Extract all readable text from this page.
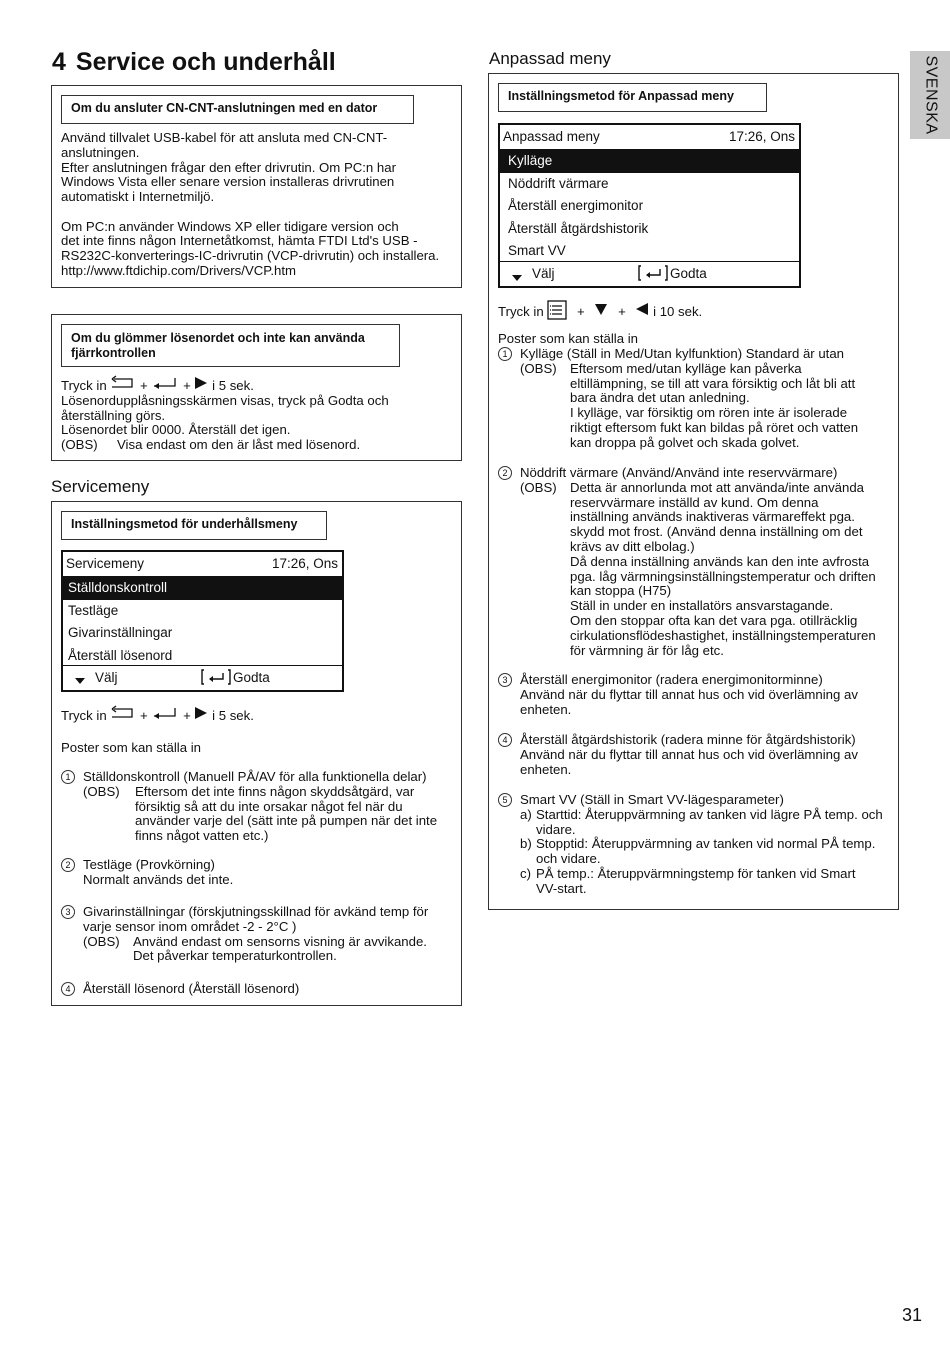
4 Service och underhåll	SVENSKA
Om du ansluter CN-CNT-anslutningen med en dator
Använd tillvalet USB-kabel för att ansluta med CN-CNT-
anslutningen.
Efter anslutningen frågar den efter drivrutin. Om PC:n har
Windows Vista eller senare version installeras drivrutinen
automatiskt i Internetmiljö.
Om PC:n använder Windows XP eller tidigare version och
det inte finns någon Internetåtkomst, hämta FTDI Ltd's USB -
RS232C-konverterings-IC-drivrutin (VCP-drivrutin) och installera.
http://www.ftdichip.com/Drivers/VCP.htm
Om du glömmer lösenordet och inte kan använda
fjärrkontrollen
Tryck in	+	+ i 5 sek.
Lösenordupplåsningsskärmen visas, tryck på Godta och
återställning görs.
Lösenordet blir 0000. Återställ det igen.
(OBS)	Visa endast om den är låst med lösenord.
Servicemeny
Inställningsmetod för underhållsmeny
Servicemeny	17:26, Ons
Ställdonskontroll
Testläge
Givarinställningar
Återställ lösenord
Välj	Godta
Tryck in	+	+ i 5 sek.
Poster som kan ställa in
1 Ställdonskontroll (Manuell PÅ/AV för alla funktionella delar)
(OBS)	Eftersom det inte finns någon skyddsåtgärd, var
försiktig så att du inte orsakar något fel när du
använder varje del (sätt inte på pumpen när det inte
finns något vatten etc.)
2 Testläge (Provkörning)
Normalt används det inte.
3 Givarinställningar (förskjutningsskillnad för avkänd temp för
varje sensor inom området -2 - 2°C )
(OBS)	Använd endast om sensorns visning är avvikande.
Det påverkar temperaturkontrollen.
4 Återställ lösenord (Återställ lösenord)
Anpassad meny
Inställningsmetod för Anpassad meny
Anpassad meny	17:26, Ons
Kylläge
Nöddrift värmare
Återställ energimonitor
Återställ åtgärdshistorik
Smart VV
Välj	Godta
Tryck in	+	+ i 10 sek.
Poster som kan ställa in
1 Kylläge (Ställ in Med/Utan kylfunktion) Standard är utan
(OBS)	Eftersom med/utan kylläge kan påverka
eltillämpning, se till att vara försiktig och låt bli att
bara ändra det utan anledning.
I kylläge, var försiktig om rören inte är isolerade
riktigt eftersom fukt kan bildas på röret och vatten
kan droppa på golvet och skada golvet.
2 Nöddrift värmare (Använd/Använd inte reservvärmare)
(OBS)	Detta är annorlunda mot att använda/inte använda
reservvärmare inställd av kund. Om denna
inställning används inaktiveras värmareffekt pga.
skydd mot frost. (Använd denna inställning om det
krävs av ditt elbolag.)
Då denna inställning används kan den inte avfrosta
pga. låg värmningsinställningstemperatur och driften
kan stoppa (H75)
Ställ in under en installatörs ansvarstagande.
Om den stoppar ofta kan det vara pga. otillräcklig
cirkulationsflödeshastighet, inställningstemperaturen
för värmning är för låg etc.
3 Återställ energimonitor (radera energimonitorminne)
Använd när du flyttar till annat hus och vid överlämning av
enheten.
4 Återställ åtgärdshistorik (radera minne för åtgärdshistorik)
Använd när du flyttar till annat hus och vid överlämning av
enheten.
5 Smart VV (Ställ in Smart VV-lägesparameter)
a) Starttid: Återuppvärmning av tanken vid lägre PÅ temp. och
vidare.
b) Stopptid: Återuppvärmning av tanken vid normal PÅ temp.
och vidare.
c) PÅ temp.: Återuppvärmningstemp för tanken vid Smart
VV-start.
31
